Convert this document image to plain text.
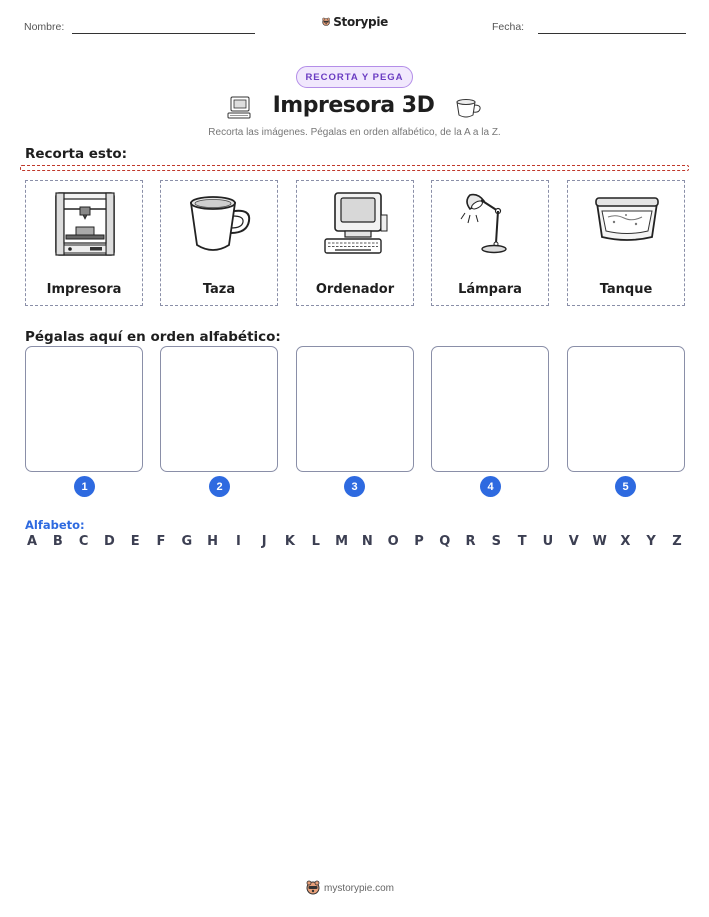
Nombre:	Storypie	Fecha:
RECORTA Y PEGA
Impresora 3D
Recorta las imágenes. Pégalas en orden alfabético, de la A a la Z.
Recorta esto:
Impresora	Taza	Ordenador	Lámpara	Tanque
Pégalas aquí en orden alfabético:
1	2	3	4	5
Alfabeto:
A B C D E F G H	I	J	K L M N O P Q R S T U V W X Y Z
mystorypie.com
